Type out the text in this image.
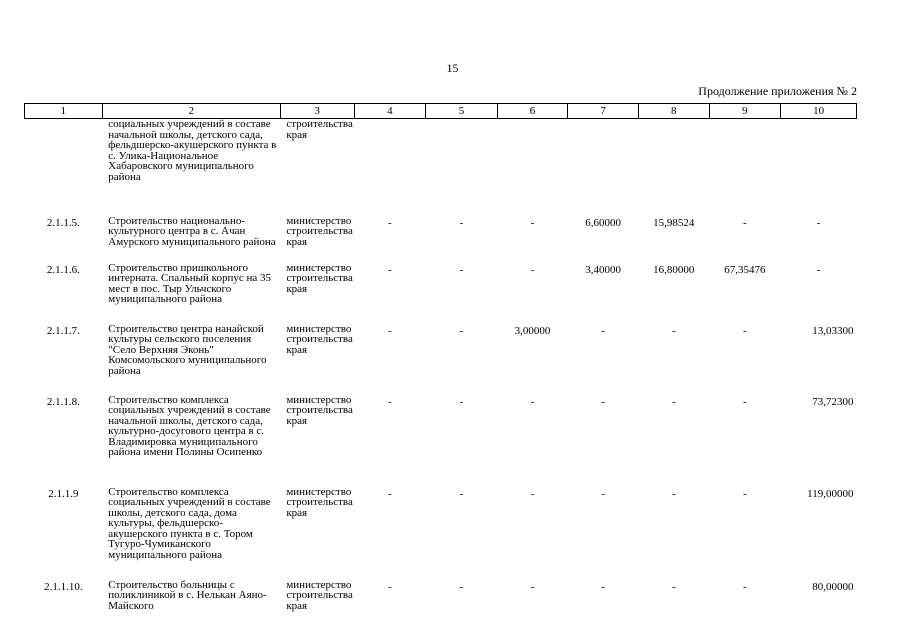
15
Продолжение приложения № 2
1	2	3	4	5	6	7	8	9	10
	социальных учреждений в составе начальной школы, детского сада, фельдшерско-акушерского пункта в с. Улика-Национальное Хабаровского муниципального района	строительства края							

2.1.1.5.	Строительство национально-культурного центра в с. Ачан Амурского муниципального района	министерство строительства края	-	-	-	6,60000	15,98524	-	-
2.1.1.6.	Строительство пришкольного интерната. Спальный корпус на 35 мест в пос. Тыр Ульчского муниципального района	министерство строительства края	-	-	-	3,40000	16,80000	67,35476	-
2.1.1.7.	Строительство центра нанайской культуры сельского поселения "Село Верхняя Эконь" Комсомольского муниципального района	министерство строительства края	-	-	3,00000	-	-	-	13,03300
2.1.1.8.	Строительство комплекса социальных учреждений в составе начальной школы, детского сада, культурно-досугового центра в с. Владимировка муниципального района имени Полины Осипенко	министерство строительства края	-	-	-	-	-	-	73,72300
2.1.1.9	Строительство комплекса социальных учреждений в составе школы, детского сада, дома культуры, фельдшерско-акушерского пункта в с. Тором Тугуро-Чумиканского муниципального района	министерство строительства края	-	-	-	-	-	-	119,00000
2.1.1.10.	Строительство больницы с поликлиникой в с. Нелькан Аяно-Майского	министерство строительства края	-	-	-	-	-	-	80,00000
